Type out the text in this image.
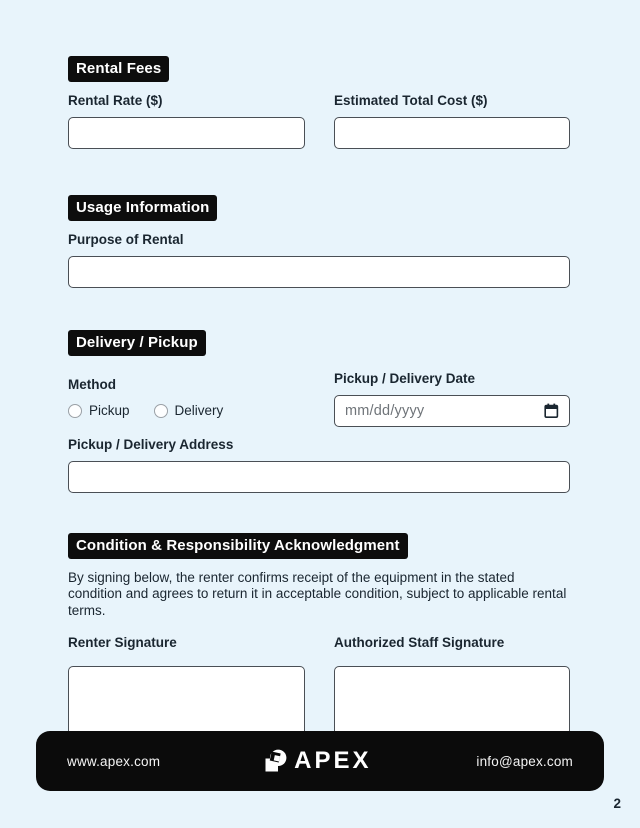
Rental Fees
Rental Rate ($)	Estimated Total Cost ($)
Usage Information
Purpose of Rental
Delivery / Pickup
Method
Pickup	Delivery
Pickup / Delivery Date
mm/dd/yyyy
Pickup / Delivery Address
Condition & Responsibility Acknowledgment

By signing below, the renter confirms receipt of the equipment in the stated condition and agrees to return it in acceptable condition, subject to applicable rental terms.

Renter Signature	Authorized Staff Signature
www.apex.com	APEX	info@apex.com
2
